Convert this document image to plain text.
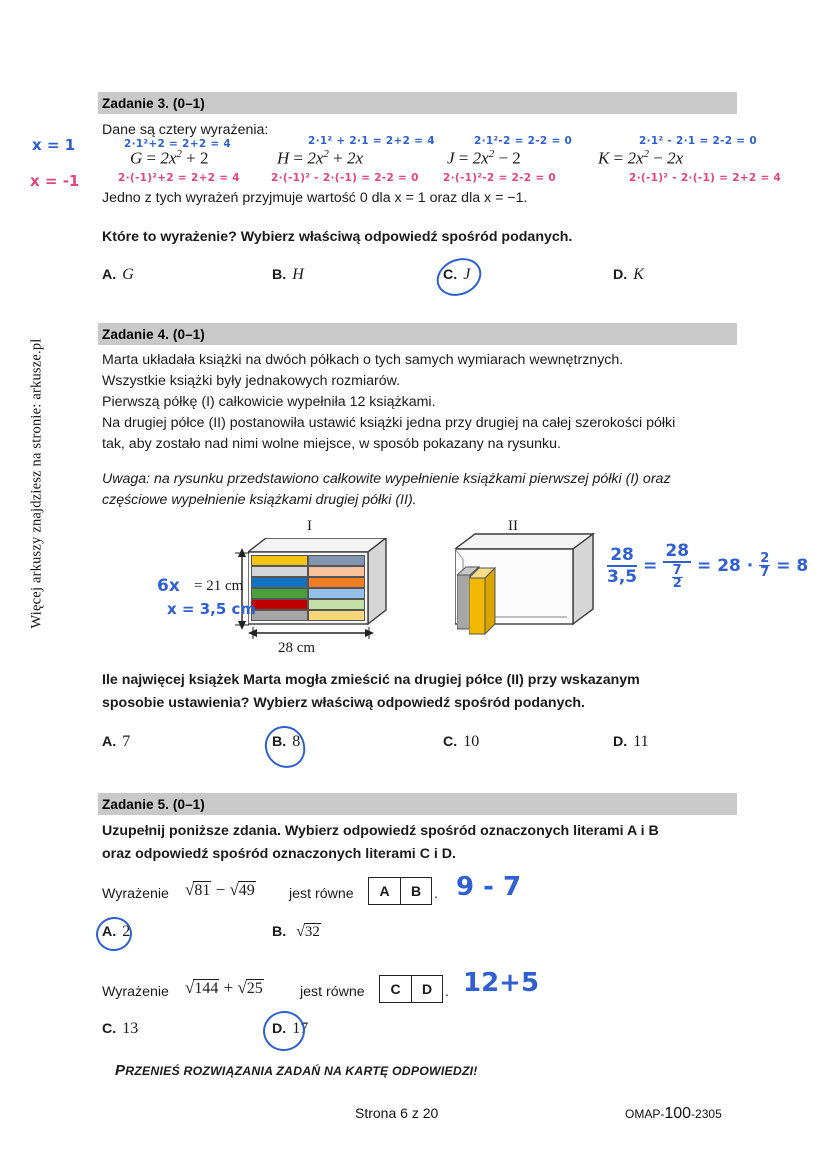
Więcej arkuszy znajdziesz na stronie: arkusze.pl
Zadanie 3. (0–1)
Dane są cztery wyrażenia:
$G = 2x^2 + 2$	$H = 2x^2 + 2x$	$J = 2x^2 - 2$	$K = 2x^2 - 2x$
x = 1
x = -1
2·1²+2 = 2+2 = 4
2·(-1)²+2 = 2+2 = 4
2·1² + 2·1 = 2+2 = 4
2·(-1)² - 2·(-1) = 2-2 = 0
2·1²-2 = 2-2 = 0
2·(-1)²-2 = 2-2 = 0
2·1² - 2·1 = 2-2 = 0
2·(-1)² - 2·(-1) = 2+2 = 4
Jedno z tych wyrażeń przyjmuje wartość 0 dla x = 1 oraz dla x = −1.
Które to wyrażenie? Wybierz właściwą odpowiedź spośród podanych.
A. G	B. H	C. J	D. K
Zadanie 4. (0–1)
Marta układała książki na dwóch półkach o tych samych wymiarach wewnętrznych.
Wszystkie książki były jednakowych rozmiarów.
Pierwszą półkę (I) całkowicie wypełniła 12 książkami.
Na drugiej półce (II) postanowiła ustawić książki jedna przy drugiej na całej szerokości półki
tak, aby zostało nad nimi wolne miejsce, w sposób pokazany na rysunku.
Uwaga: na rysunku przedstawiono całkowite wypełnienie książkami pierwszej półki (I) oraz
częściowe wypełnienie książkami drugiej półki (II).
I
= 21 cm
6x
x = 3,5 cm
28 cm
II
$\frac{28}{3,5}$ =
28
7
2
= $28 \cdot \frac{2}{7} = 8$
Ile najwięcej książek Marta mogła zmieścić na drugiej półce (II) przy wskazanym
sposobie ustawienia? Wybierz właściwą odpowiedź spośród podanych.
A. 7	B. 8	C. 10	D. 11
Zadanie 5. (0–1)
Uzupełnij poniższe zdania. Wybierz odpowiedź spośród oznaczonych literami A i B
oraz odpowiedź spośród oznaczonych literami C i D.
Wyrażenie √81 − √49 jest równe	A	B . 9 - 7
A. 2	B. √32
Wyrażenie √144 + √25	jest równe	C	D . 12+5
C. 13	D. 17
PRZENIEŚ ROZWIĄZANIA ZADAŃ NA KARTĘ ODPOWIEDZI!
Strona 6 z 20	OMAP-100-2305
